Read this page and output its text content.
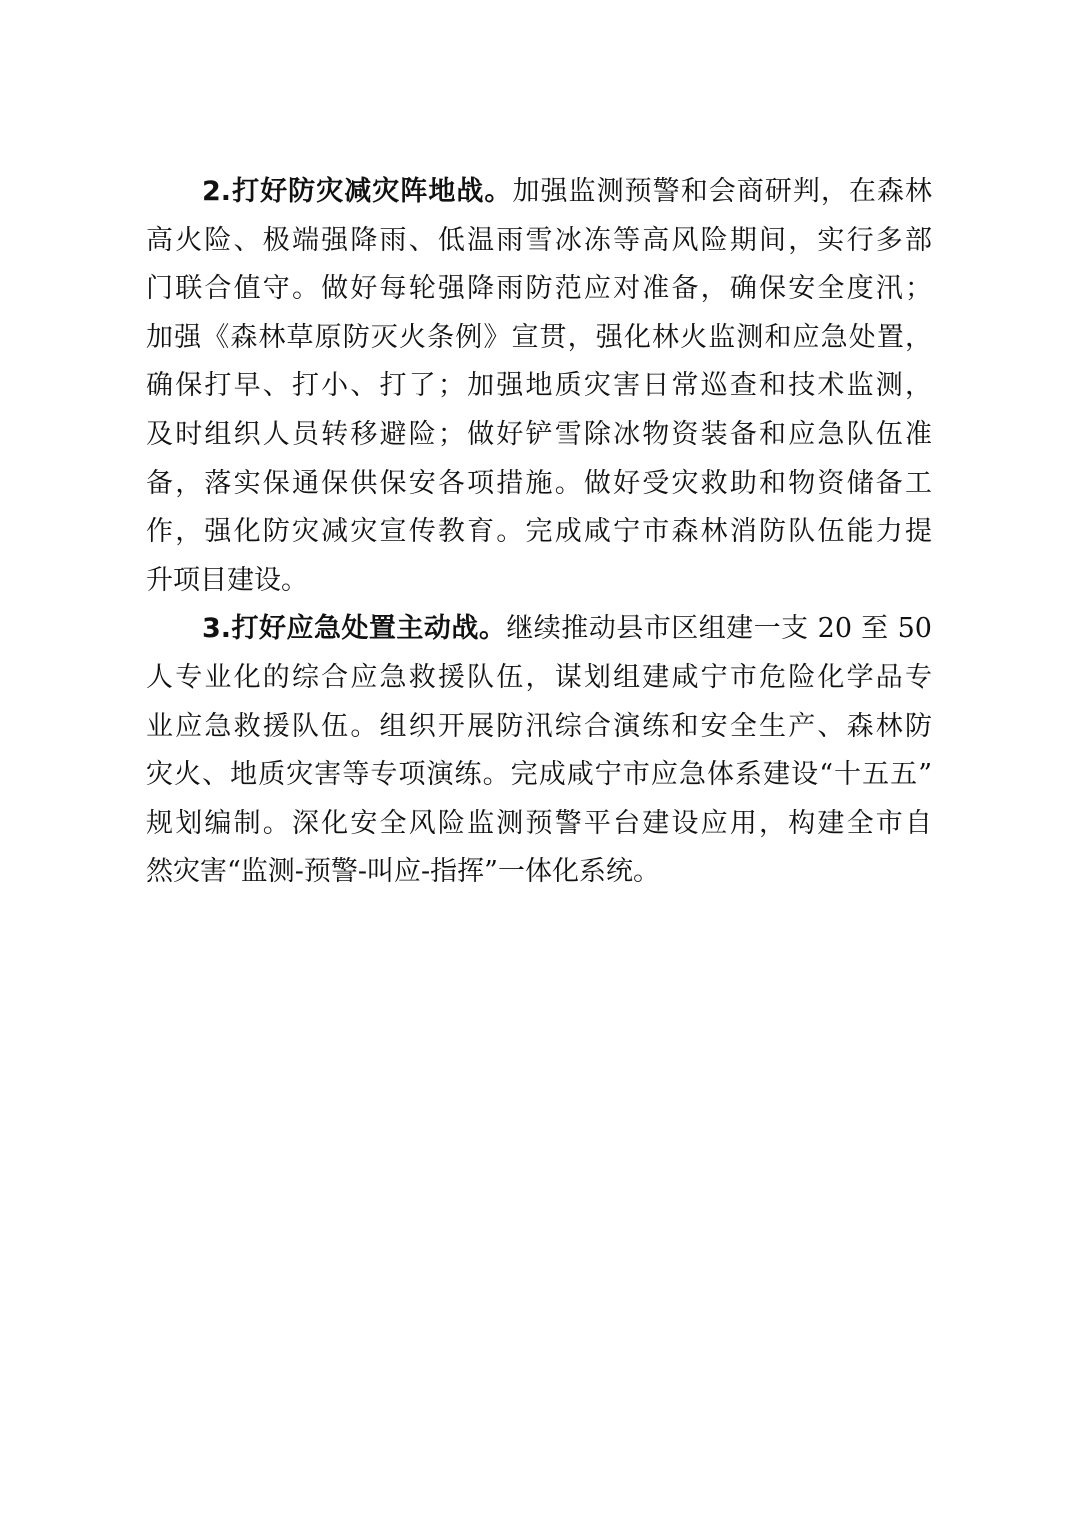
2.打好防灾减灾阵地战。加强监测预警和会商研判，在森林
高火险、极端强降雨、低温雨雪冰冻等高风险期间，实行多部
门联合值守。做好每轮强降雨防范应对准备，确保安全度汛；
加强《森林草原防灭火条例》宣贯，强化林火监测和应急处置，
确保打早、打小、打了；加强地质灾害日常巡查和技术监测，
及时组织人员转移避险；做好铲雪除冰物资装备和应急队伍准
备，落实保通保供保安各项措施。做好受灾救助和物资储备工
作，强化防灾减灾宣传教育。完成咸宁市森林消防队伍能力提
升项目建设。
3.打好应急处置主动战。继续推动县市区组建一支 20 至 50
人专业化的综合应急救援队伍，谋划组建咸宁市危险化学品专
业应急救援队伍。组织开展防汛综合演练和安全生产、森林防
灾火、地质灾害等专项演练。完成咸宁市应急体系建设“十五五”
规划编制。深化安全风险监测预警平台建设应用，构建全市自
然灾害“监测-预警-叫应-指挥”一体化系统。
